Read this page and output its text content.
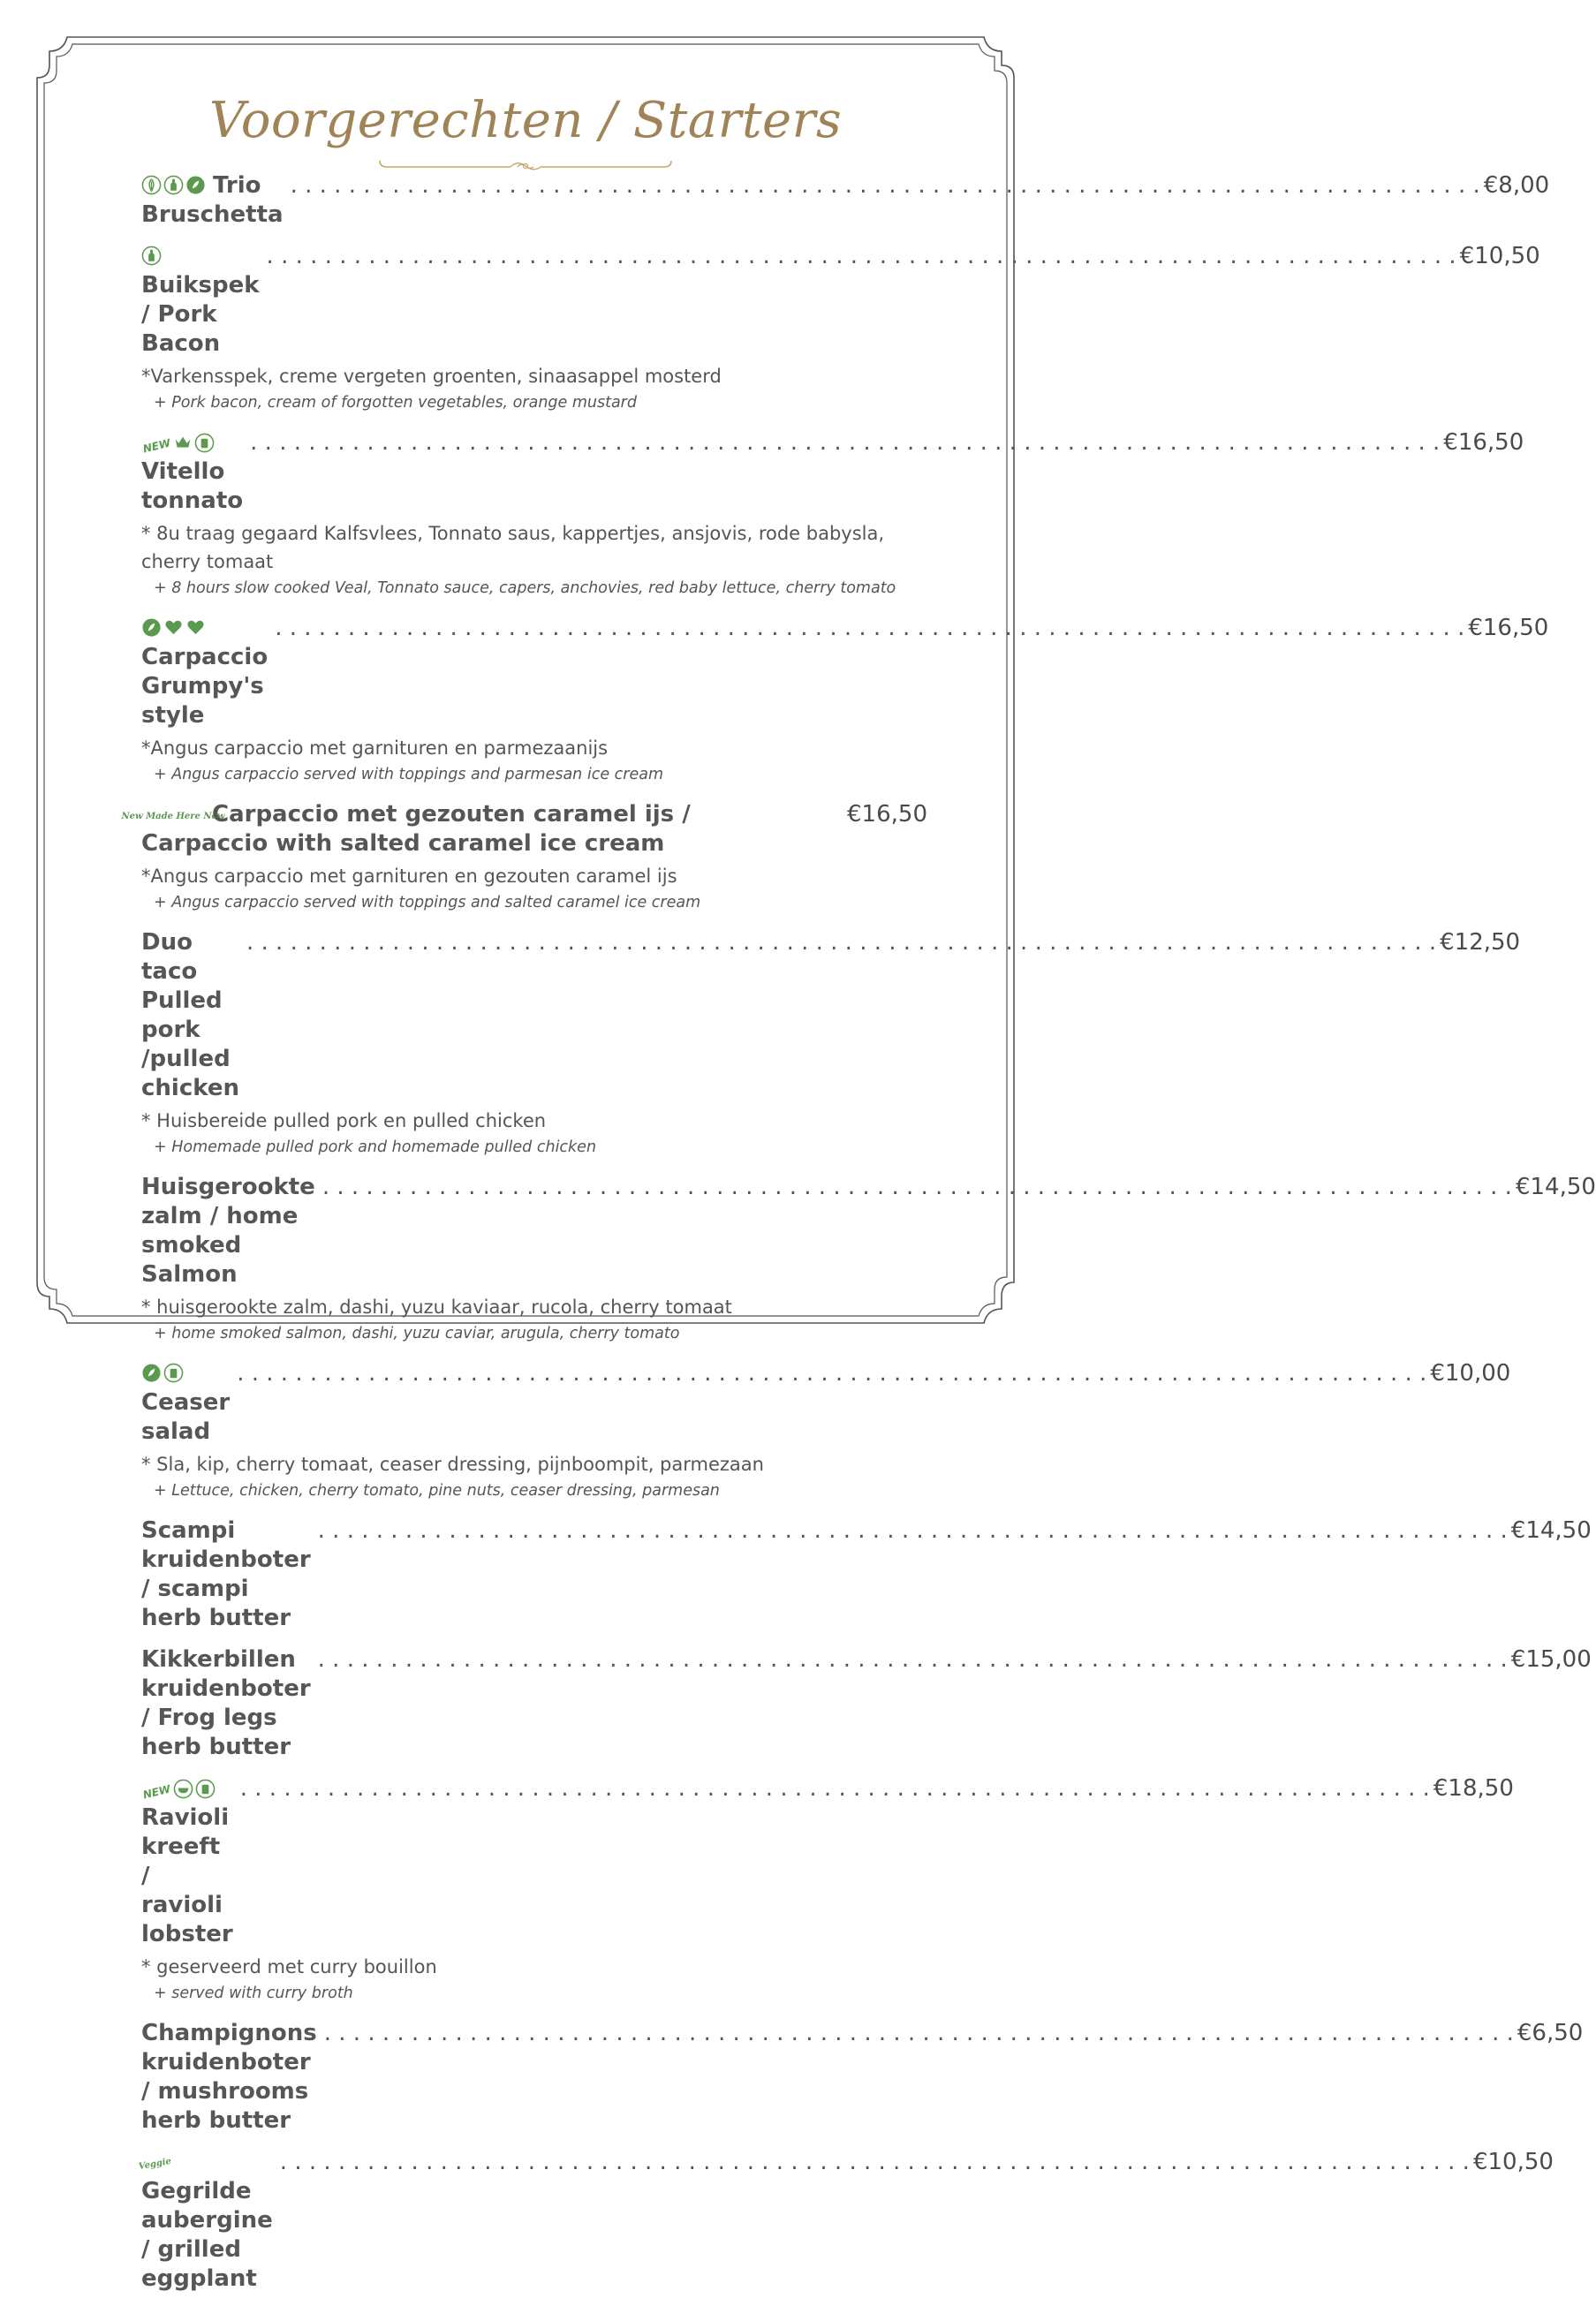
Voorgerechten / Starters
Trio Bruschetta
. . .
€8,00
Buikspek / Pork Bacon
. . .
€10,50
*Varkensspek, creme vergeten groenten, sinaasappel mosterd
+ Pork bacon, cream of forgotten vegetables, orange mustard
NEW
Vitello tonnato
. . .
€16,50
* 8u traag gegaard Kalfsvlees, Tonnato saus, kappertjes, ansjovis, rode babysla, cherry tomaat
+ 8 hours slow cooked Veal, Tonnato sauce, capers, anchovies, red baby lettuce, cherry tomato
Carpaccio Grumpy's style
. . .
€16,50
*Angus carpaccio met garnituren en parmezaanijs
+ Angus carpaccio served with toppings and parmesan ice cream
New Made Here New
Carpaccio met gezouten caramel ijs / Carpaccio with salted caramel ice cream
€16,50
*Angus carpaccio met garnituren en gezouten caramel ijs
+ Angus carpaccio served with toppings and salted caramel ice cream
Duo taco Pulled pork /pulled chicken
. . .
€12,50
* Huisbereide pulled pork en pulled chicken
+ Homemade pulled pork and homemade pulled chicken
Huisgerookte zalm / home smoked Salmon
. . .
€14,50
* huisgerookte zalm, dashi, yuzu kaviaar, rucola, cherry tomaat
+ home smoked salmon, dashi, yuzu caviar, arugula, cherry tomato
Ceaser salad
. . .
€10,00
* Sla, kip, cherry tomaat, ceaser dressing, pijnboompit, parmezaan
+ Lettuce, chicken, cherry tomato, pine nuts, ceaser dressing, parmesan
Scampi kruidenboter / scampi herb butter
. . .
€14,50
Kikkerbillen kruidenboter / Frog legs herb butter
. . .
€15,00
NEW
Ravioli kreeft / ravioli lobster
. . .
€18,50
* geserveerd met curry bouillon
+ served with curry broth
Champignons kruidenboter / mushrooms herb butter
. . .
€6,50
Veggie
Gegrilde aubergine / grilled eggplant
. . .
€10,50
